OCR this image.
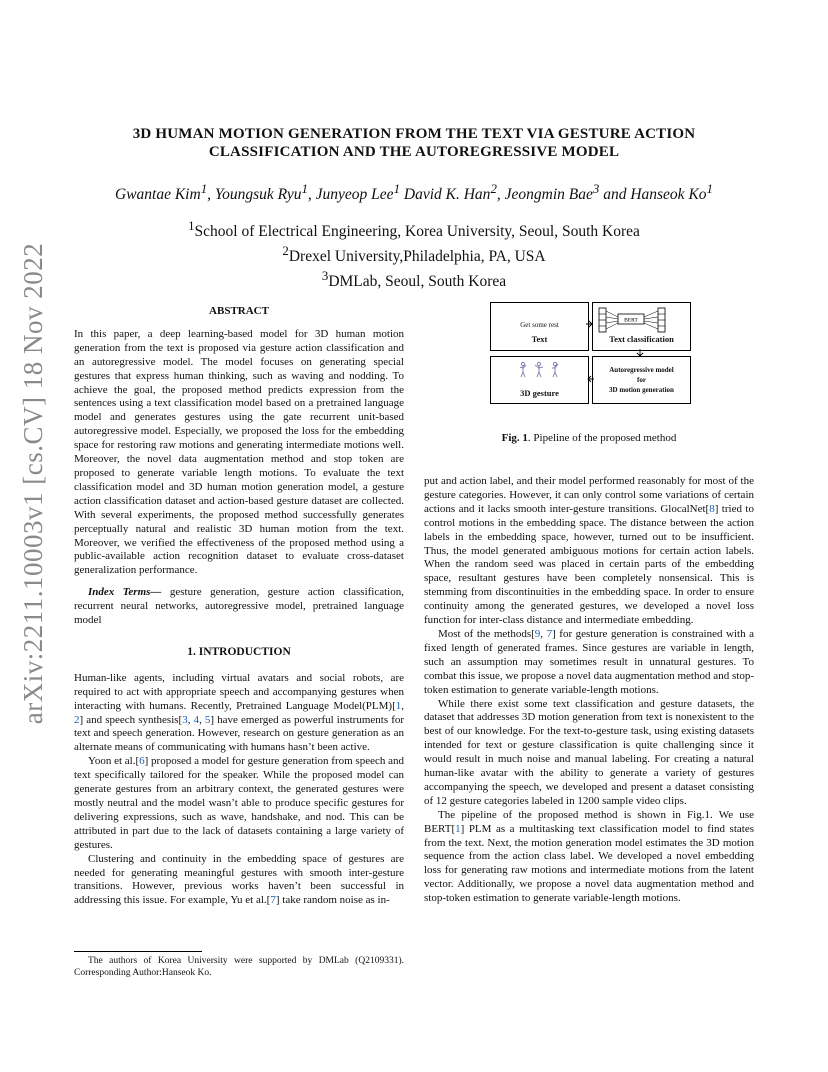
arXiv:2211.10003v1 [cs.CV] 18 Nov 2022
3D HUMAN MOTION GENERATION FROM THE TEXT VIA GESTURE ACTION
CLASSIFICATION AND THE AUTOREGRESSIVE MODEL
Gwantae Kim$^1$, Youngsuk Ryu$^1$, Junyeop Lee$^1$ David K. Han$^2$, Jeongmin Bae$^3$ and Hanseok Ko$^1$
$^1$School of Electrical Engineering, Korea University, Seoul, South Korea
$^2$Drexel University,Philadelphia, PA, USA
$^3$DMLab, Seoul, South Korea
ABSTRACT

In this paper, a deep learning-based model for 3D human motion generation from the text is proposed via gesture action classification and an autoregressive model. The model focuses on generating special gestures that express human thinking, such as waving and nodding. To achieve the goal, the proposed method predicts expression from the sentences using a text classification model based on a pretrained language model and generates gestures using the gate recurrent unit-based autoregressive model. Especially, we proposed the loss for the embedding space for restoring raw motions and generating intermediate motions well. Moreover, the novel data augmentation method and stop token are proposed to generate variable length motions. To evaluate the text classification model and 3D human motion generation model, a gesture action classification dataset and action-based gesture dataset are collected. With several experiments, the proposed method successfully generates perceptually natural and realistic 3D human motion from the text. Moreover, we verified the effectiveness of the proposed method using a public-available action recognition dataset to evaluate cross-dataset generalization performance.

Index Terms— gesture generation, gesture action classification, recurrent neural networks, autoregressive model, pretrained language model

1. INTRODUCTION

Human-like agents, including virtual avatars and social robots, are required to act with appropriate speech and accompanying gestures when interacting with humans. Recently, Pretrained Language Model(PLM)[1, 2] and speech synthesis[3, 4, 5] have emerged as powerful instruments for text and speech generation. However, research on gesture generation as an alternate means of communicating with humans hasn’t been active.

Yoon et al.[6] proposed a model for gesture generation from speech and text specifically tailored for the speaker. While the proposed model can generate gestures from an arbitrary context, the generated gestures were mostly neutral and the model wasn’t able to produce specific gestures for delivering expressions, such as wave, handshake, and nod. This can be attributed in part due to the lack of datasets containing a large variety of gestures.

Clustering and continuity in the embedding space of gestures are needed for generating meaningful gestures with smooth inter-gesture transitions. However, previous works haven’t been successful in addressing this issue. For example, Yu et al.[7] take random noise as in-

The authors of Korea University were supported by DMLab (Q2109331). Corresponding Author:Hanseok Ko.

Get some rest
Text
BERT
Text classification
3D gesture
Autoregressive model
for
3D motion generation
Fig. 1. Pipeline of the proposed method

put and action label, and their model performed reasonably for most of the gesture categories. However, it can only control some variations of certain actions and it lacks smooth inter-gesture transitions. GlocalNet[8] tried to control motions in the embedding space. The distance between the action labels in the embedding space, however, turned out to be insufficient. Thus, the model generated ambiguous motions for certain action labels. When the random seed was placed in certain parts of the embedding space, resultant gestures have been completely nonsensical. This is stemming from discontinuities in the embedding space. In order to ensure continuity among the generated gestures, we developed a novel loss function for inter-class distance and intermediate embedding.

Most of the methods[9, 7] for gesture generation is constrained with a fixed length of generated frames. Since gestures are variable in length, such an assumption may sometimes result in unnatural gestures. To combat this issue, we propose a novel data augmentation method and stop-token estimation to generate variable-length motions.

While there exist some text classification and gesture datasets, the dataset that addresses 3D motion generation from text is nonexistent to the best of our knowledge. For the text-to-gesture task, using existing datasets intended for text or gesture classification is quite challenging since it would result in much noise and manual labeling. For creating a natural human-like avatar with the ability to generate a variety of gestures accompanying the speech, we developed and present a dataset consisting of 12 gesture categories labeled in 1200 sample video clips.

The pipeline of the proposed method is shown in Fig.1. We use BERT[1] PLM as a multitasking text classification model to find states from the text. Next, the motion generation model estimates the 3D motion sequence from the action class label. We developed a novel embedding loss for generating raw motions and intermediate motions from the latent vector. Additionally, we propose a novel data augmentation method and stop-token estimation to generate variable-length motions.
